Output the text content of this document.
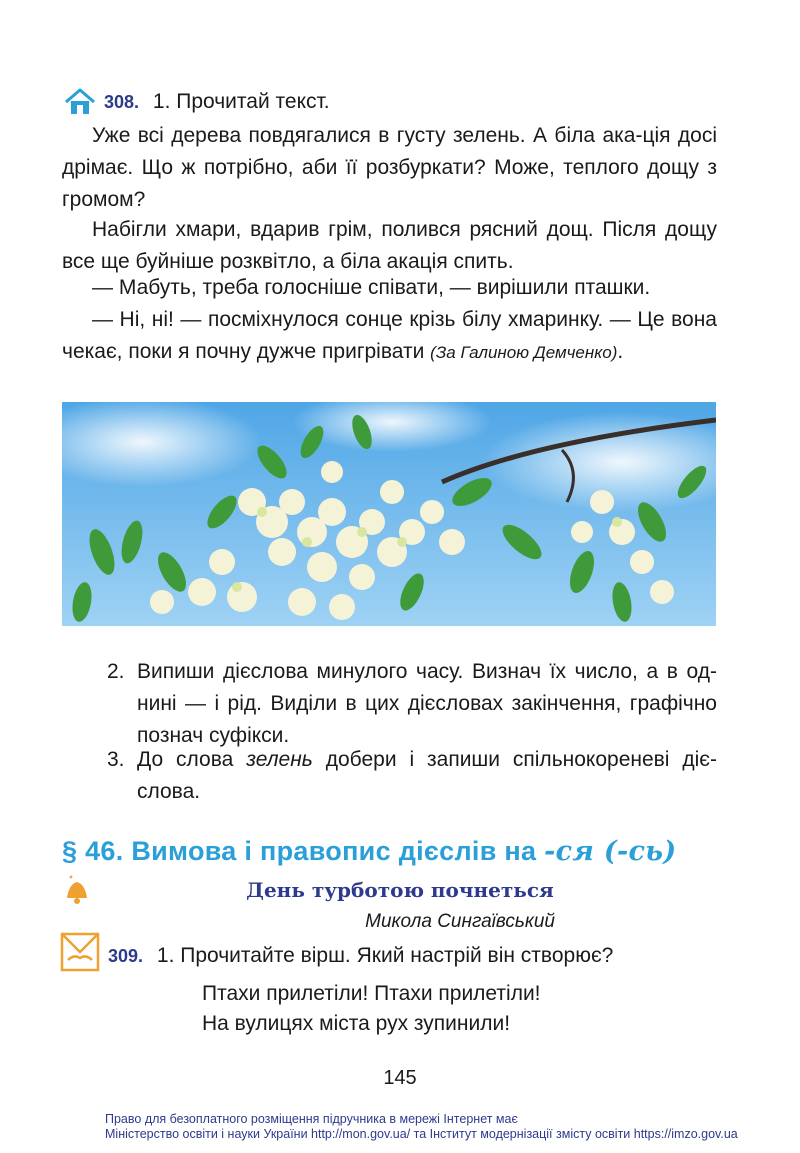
308. 1. Прочитай текст.
Уже всі дерева повдягалися в густу зелень. А біла ака-ція досі дрімає. Що ж потрібно, аби її розбуркати? Може, теплого дощу з громом?
Набігли хмари, вдарив грім, полився рясний дощ. Після дощу все ще буйніше розквітло, а біла акація спить.
— Мабуть, треба голосніше співати, — вирішили пташки.
— Ні, ні! — посміхнулося сонце крізь білу хмаринку. — Це вона чекає, поки я почну дужче пригрівати (За Галиною Демченко).
2. Випиши дієслова минулого часу. Визнач їх число, а в од-нині — і рід. Виділи в цих дієсловах закінчення, графічно познач суфікси.
3. До слова зелень добери і запиши спільнокореневі діє-слова.
§ 46. Вимова і правопис дієслів на -ся (-сь)
День турботою почнеться
Микола Сингаївський
309. 1. Прочитайте вірш. Який настрій він створює?
Птахи прилетіли! Птахи прилетіли!
На вулицях міста рух зупинили!
145
Право для безоплатного розміщення підручника в мережі Інтернет має
Міністерство освіти і науки України http://mon.gov.ua/ та Інститут модернізації змісту освіти https://imzo.gov.ua
